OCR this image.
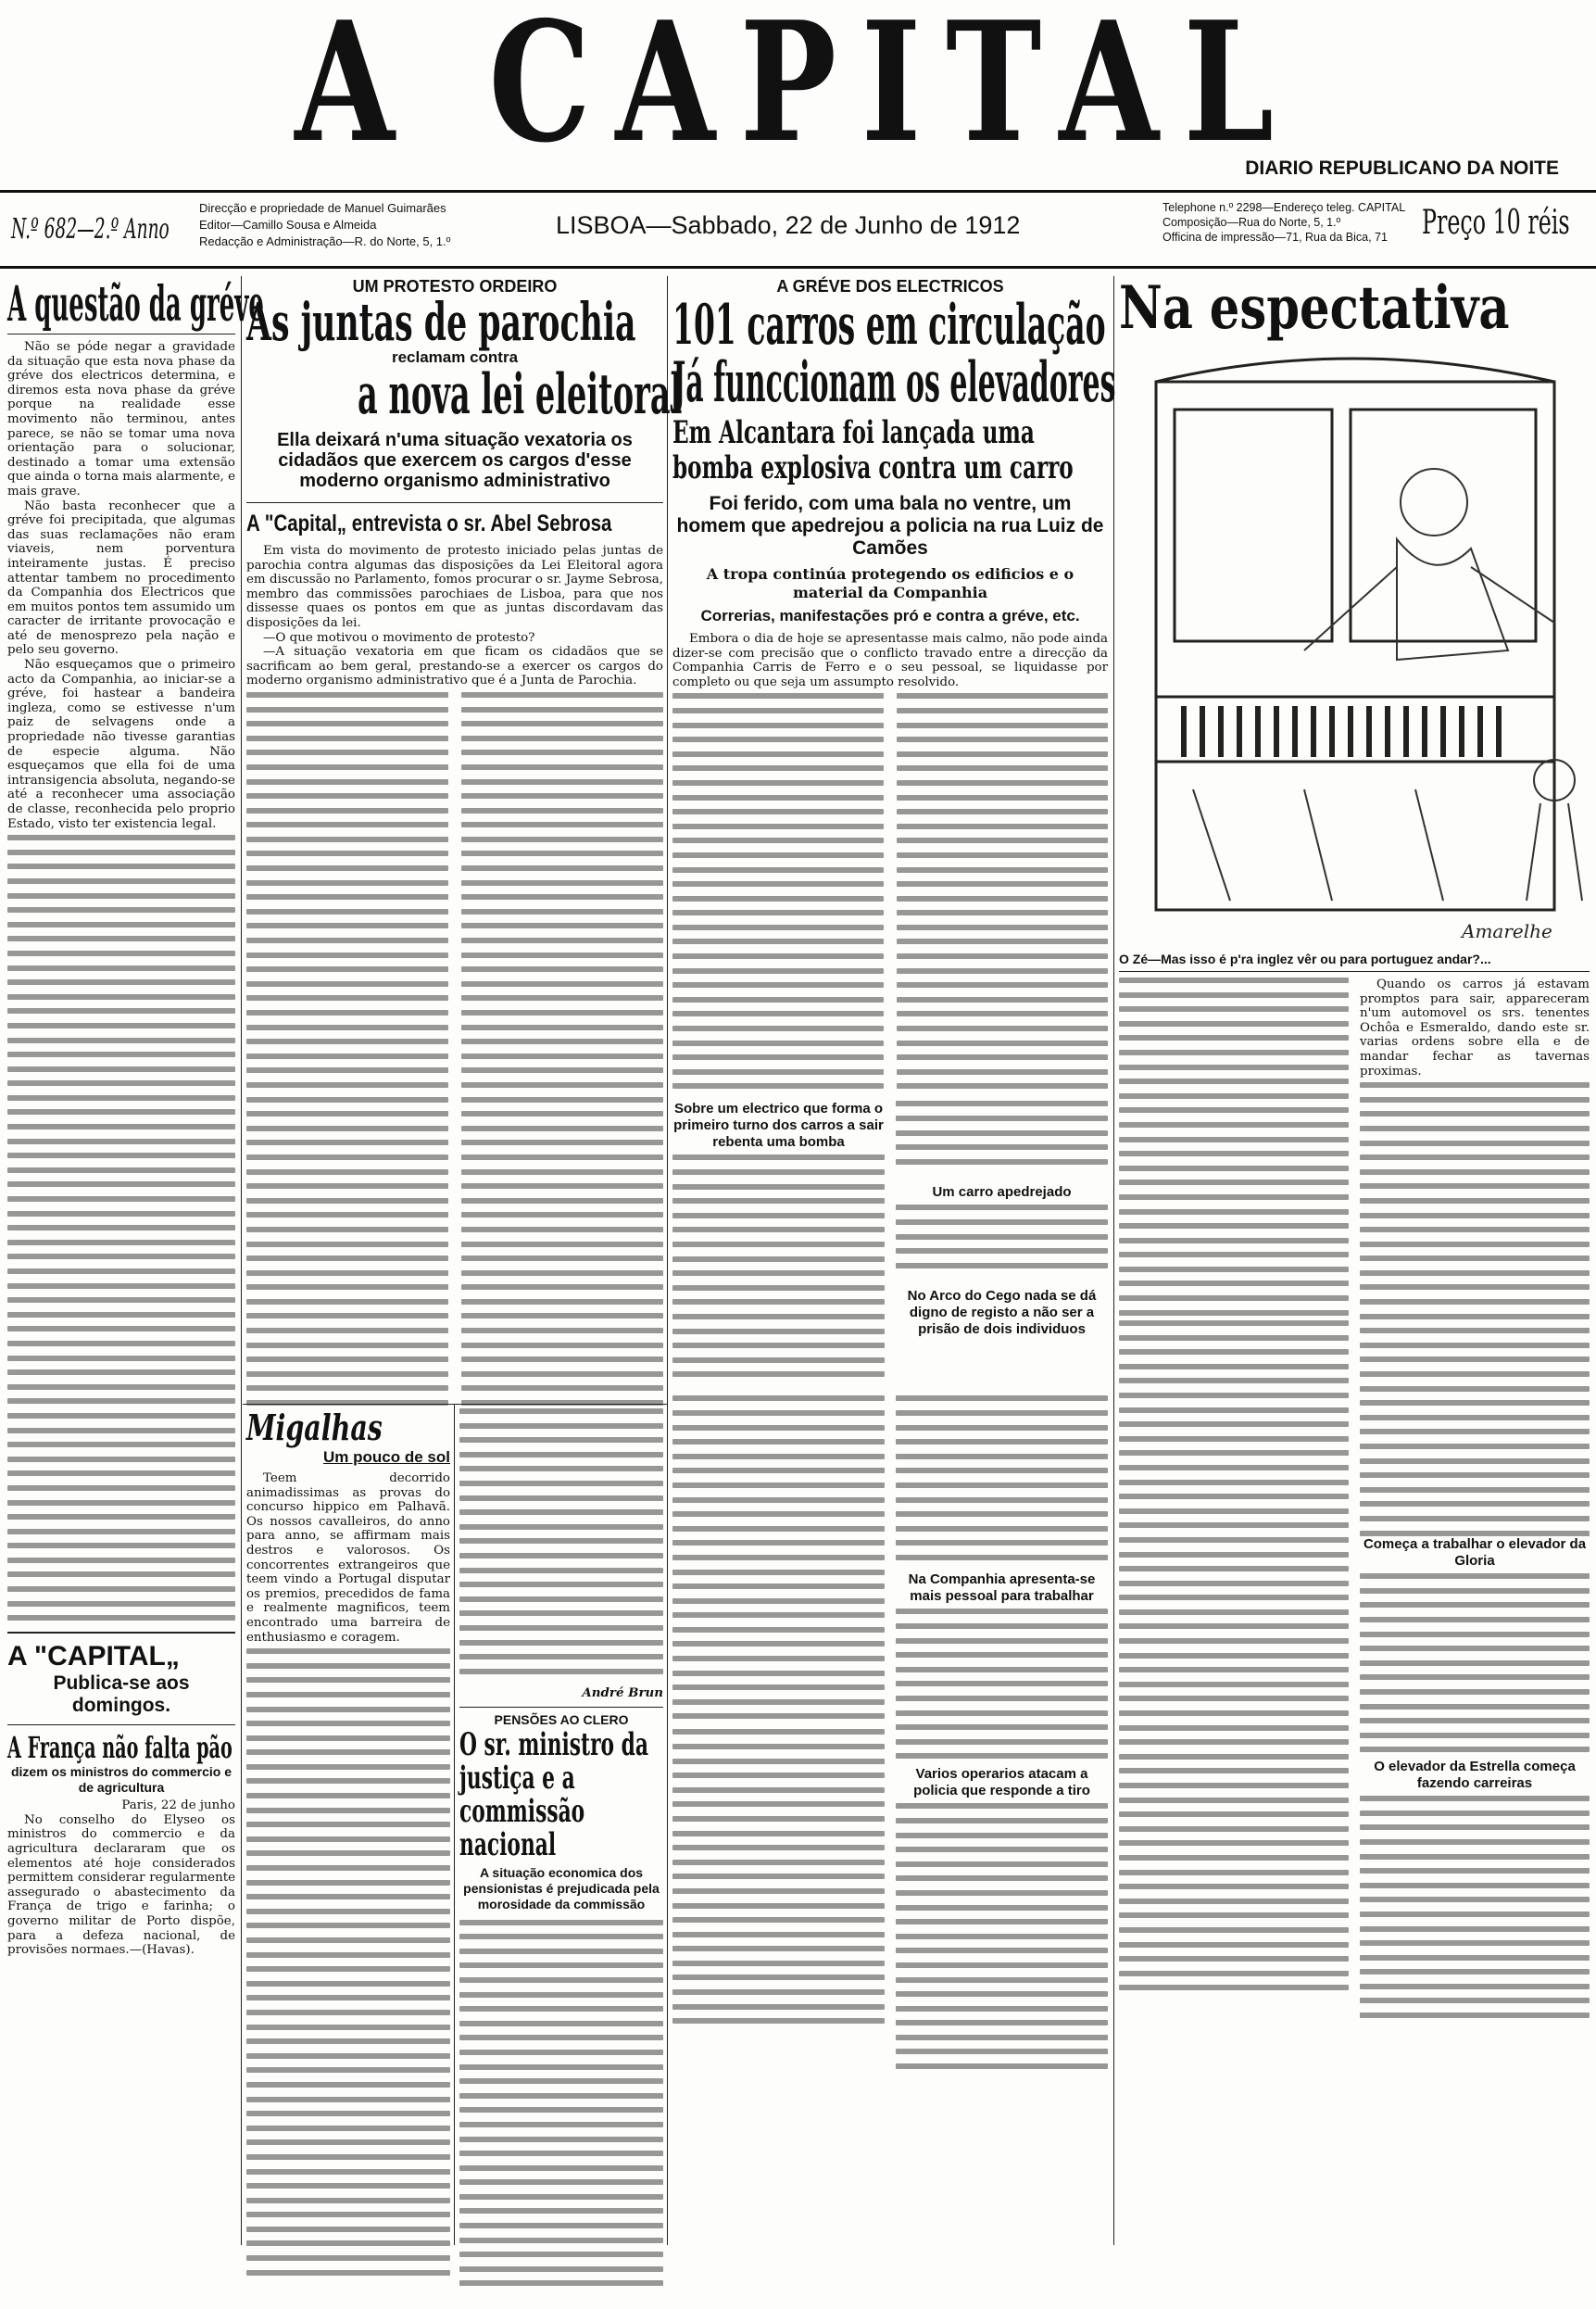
A CAPITAL
DIARIO REPUBLICANO DA NOITE
N.º 682—2.º Anno
Direcção e propriedade de Manuel Guimarães
Editor—Camillo Sousa e Almeida
Redacção e Administração—R. do Norte, 5, 1.º
LISBOA—Sabbado, 22 de Junho de 1912
Telephone n.º 2298—Endereço teleg. CAPITAL
Composição—Rua do Norte, 5, 1.º
Officina de impressão—71, Rua da Bica, 71	Preço 10 réis
A questão da gréve

Não se póde negar a gravidade da situação que esta nova phase da gréve dos electricos determina, e diremos esta nova phase da gréve porque na realidade esse movimento não terminou, antes parece, se não se tomar uma nova orientação para o solucionar, destinado a tomar uma extensão que ainda o torna mais alarmente, e mais grave.

Não basta reconhecer que a gréve foi precipitada, que algumas das suas reclamações não eram viaveis, nem porventura inteiramente justas. É preciso attentar tambem no procedimento da Companhia dos Electricos que em muitos pontos tem assumido um caracter de irritante provocação e até de menosprezo pela nação e pelo seu governo.

Não esqueçamos que o primeiro acto da Companhia, ao iniciar-se a gréve, foi hastear a bandeira ingleza, como se estivesse n'um paiz de selvagens onde a propriedade não tivesse garantias de especie alguma. Não esqueçamos que ella foi de uma intransigencia absoluta, negando-se até a reconhecer uma associação de classe, reconhecida pelo proprio Estado, visto ter existencia legal.

A "CAPITAL„
Publica-se aos domingos.
A França não falta pão
dizem os ministros do commercio e de agricultura
Paris, 22 de junho
No conselho do Elyseo os ministros do commercio e da agricultura declararam que os elementos até hoje considerados permittem considerar regularmente assegurado o abastecimento da França de trigo e farinha; o governo militar de Porto dispõe, para a defeza nacional, de provisões normaes.—(Havas).
UM PROTESTO ORDEIRO
As juntas de parochia
reclamam contra
a nova lei eleitoral
Ella deixará n'uma situação vexatoria os cidadãos que exercem os cargos d'esse moderno organismo administrativo
A "Capital„ entrevista o sr. Abel Sebrosa

Em vista do movimento de protesto iniciado pelas juntas de parochia contra algumas das disposições da Lei Eleitoral agora em discussão no Parlamento, fomos procurar o sr. Jayme Sebrosa, membro das commissões parochiaes de Lisboa, para que nos dissesse quaes os pontos em que as juntas discordavam das disposições da lei.

—O que motivou o movimento de protesto?

—A situação vexatoria em que ficam os cidadãos que se sacrificam ao bem geral, prestando-se a exercer os cargos do moderno organismo administrativo que é a Junta de Parochia.

Migalhas
Um pouco de sol
Teem decorrido animadissimas as provas do concurso hippico em Palhavã. Os nossos cavalleiros, do anno para anno, se affirmam mais destros e valorosos. Os concorrentes extrangeiros que teem vindo a Portugal disputar os premios, precedidos de fama e realmente magnificos, teem encontrado uma barreira de enthusiasmo e coragem.
André Brun
PENSÕES AO CLERO
O sr. ministro da justiça e a commissão nacional
A situação economica dos pensionistas é prejudicada pela morosidade da commissão
A GRÉVE DOS ELECTRICOS
101 carros em circulação
Já funccionam os elevadores
Em Alcantara foi lançada uma bomba explosiva contra um carro
Foi ferido, com uma bala no ventre, um homem que apedrejou a policia na rua Luiz de Camões
A tropa continúa protegendo os edificios e o material da Companhia
Correrias, manifestações pró e contra a gréve, etc.

Embora o dia de hoje se apresentasse mais calmo, não pode ainda dizer-se com precisão que o conflicto travado entre a direcção da Companhia Carris de Ferro e o seu pessoal, se liquidasse por completo ou que seja um assumpto resolvido.

Sobre um electrico que forma o primeiro turno dos carros a sair rebenta uma bomba
Um carro apedrejado
No Arco do Cego nada se dá digno de registo a não ser a prisão de dois individuos
Na Companhia apresenta-se mais pessoal para trabalhar
Varios operarios atacam a policia que responde a tiro
Na espectativa
Amarelhe
O Zé—Mas isso é p'ra inglez vêr ou para portuguez andar?...
Quando os carros já estavam promptos para sair, appareceram n'um automovel os srs. tenentes Ochôa e Esmeraldo, dando este sr. varias ordens sobre ella e de mandar fechar as tavernas proximas.
Começa a trabalhar o elevador da Gloria
O elevador da Estrella começa fazendo carreiras
